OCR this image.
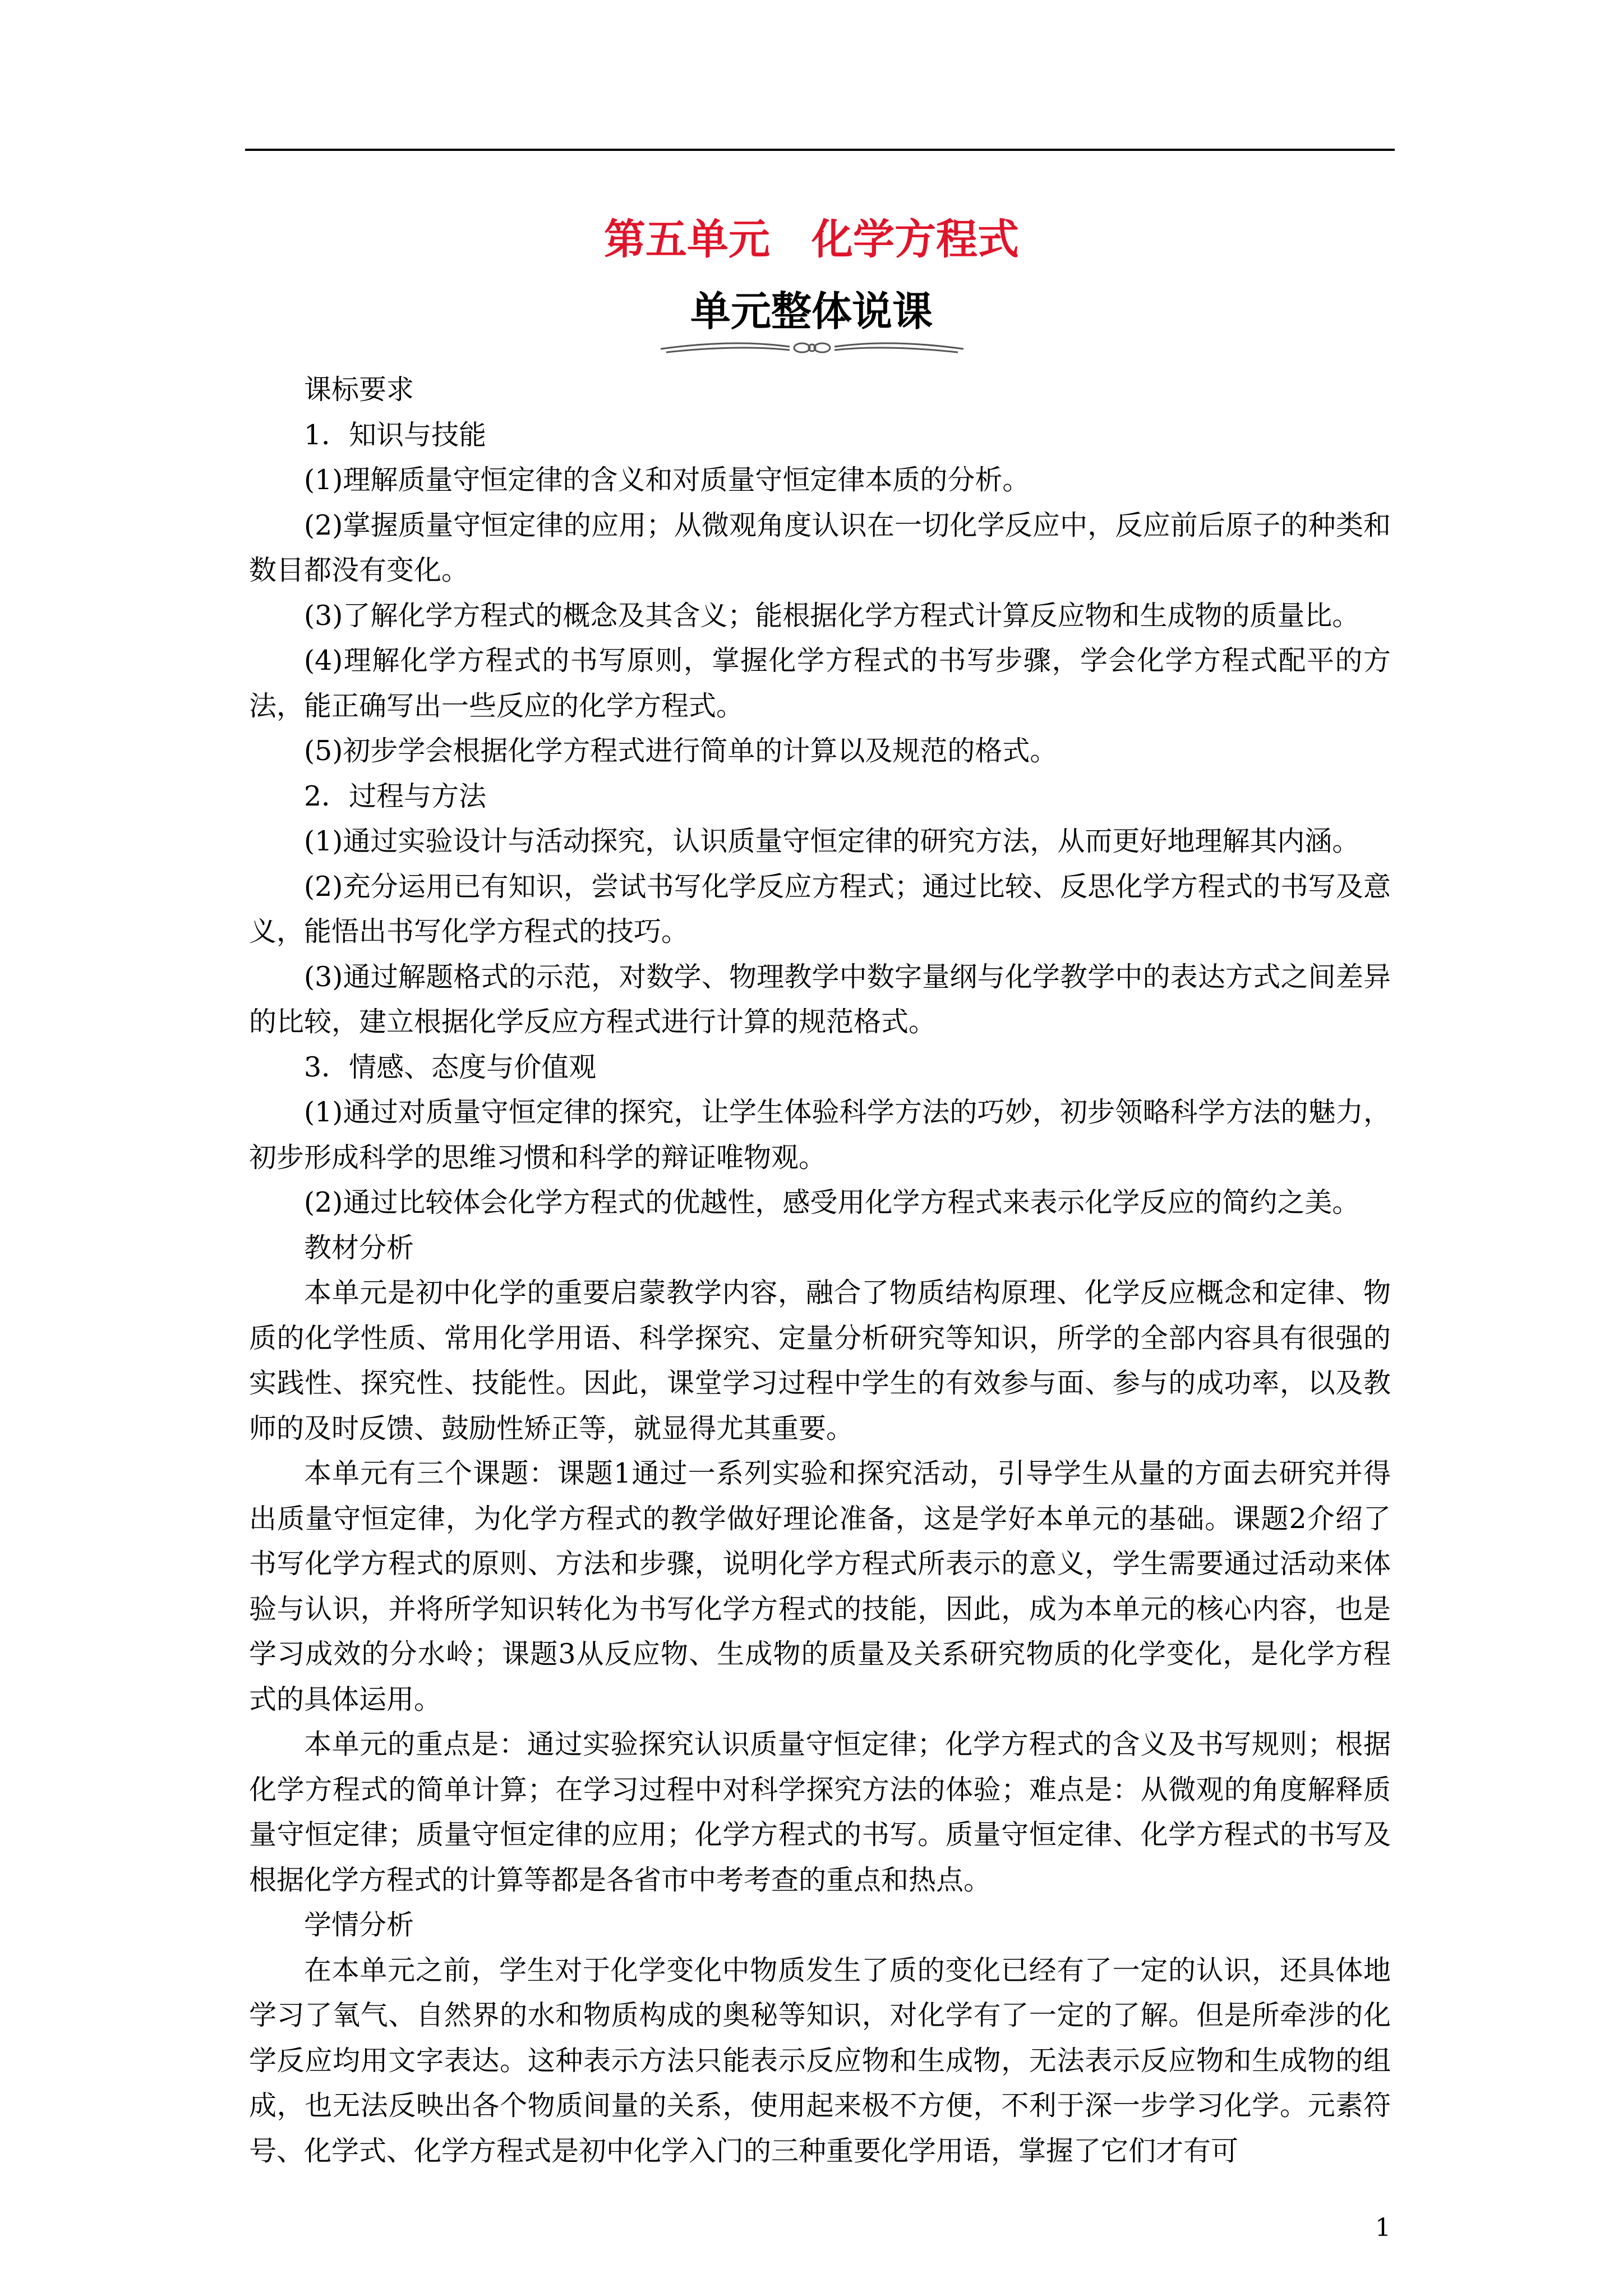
第五单元　化学方程式
单元整体说课

课标要求

1．知识与技能

(1)理解质量守恒定律的含义和对质量守恒定律本质的分析。

(2)掌握质量守恒定律的应用；从微观角度认识在一切化学反应中，反应前后原子的种类和数目都没有变化。

(3)了解化学方程式的概念及其含义；能根据化学方程式计算反应物和生成物的质量比。

(4)理解化学方程式的书写原则，掌握化学方程式的书写步骤，学会化学方程式配平的方法，能正确写出一些反应的化学方程式。

(5)初步学会根据化学方程式进行简单的计算以及规范的格式。

2．过程与方法

(1)通过实验设计与活动探究，认识质量守恒定律的研究方法，从而更好地理解其内涵。

(2)充分运用已有知识，尝试书写化学反应方程式；通过比较、反思化学方程式的书写及意义，能悟出书写化学方程式的技巧。

(3)通过解题格式的示范，对数学、物理教学中数字量纲与化学教学中的表达方式之间差异的比较，建立根据化学反应方程式进行计算的规范格式。

3．情感、态度与价值观

(1)通过对质量守恒定律的探究，让学生体验科学方法的巧妙，初步领略科学方法的魅力，初步形成科学的思维习惯和科学的辩证唯物观。

(2)通过比较体会化学方程式的优越性，感受用化学方程式来表示化学反应的简约之美。

教材分析

本单元是初中化学的重要启蒙教学内容，融合了物质结构原理、化学反应概念和定律、物质的化学性质、常用化学用语、科学探究、定量分析研究等知识，所学的全部内容具有很强的实践性、探究性、技能性。因此，课堂学习过程中学生的有效参与面、参与的成功率，以及教师的及时反馈、鼓励性矫正等，就显得尤其重要。

本单元有三个课题：课题1通过一系列实验和探究活动，引导学生从量的方面去研究并得出质量守恒定律，为化学方程式的教学做好理论准备，这是学好本单元的基础。课题2介绍了书写化学方程式的原则、方法和步骤，说明化学方程式所表示的意义，学生需要通过活动来体验与认识，并将所学知识转化为书写化学方程式的技能，因此，成为本单元的核心内容，也是学习成效的分水岭；课题3从反应物、生成物的质量及关系研究物质的化学变化，是化学方程式的具体运用。

本单元的重点是：通过实验探究认识质量守恒定律；化学方程式的含义及书写规则；根据化学方程式的简单计算；在学习过程中对科学探究方法的体验；难点是：从微观的角度解释质量守恒定律；质量守恒定律的应用；化学方程式的书写。质量守恒定律、化学方程式的书写及根据化学方程式的计算等都是各省市中考考查的重点和热点。

学情分析

在本单元之前，学生对于化学变化中物质发生了质的变化已经有了一定的认识，还具体地学习了氧气、自然界的水和物质构成的奥秘等知识，对化学有了一定的了解。但是所牵涉的化学反应均用文字表达。这种表示方法只能表示反应物和生成物，无法表示反应物和生成物的组成，也无法反映出各个物质间量的关系，使用起来极不方便，不利于深一步学习化学。元素符号、化学式、化学方程式是初中化学入门的三种重要化学用语，掌握了它们才有可

1
